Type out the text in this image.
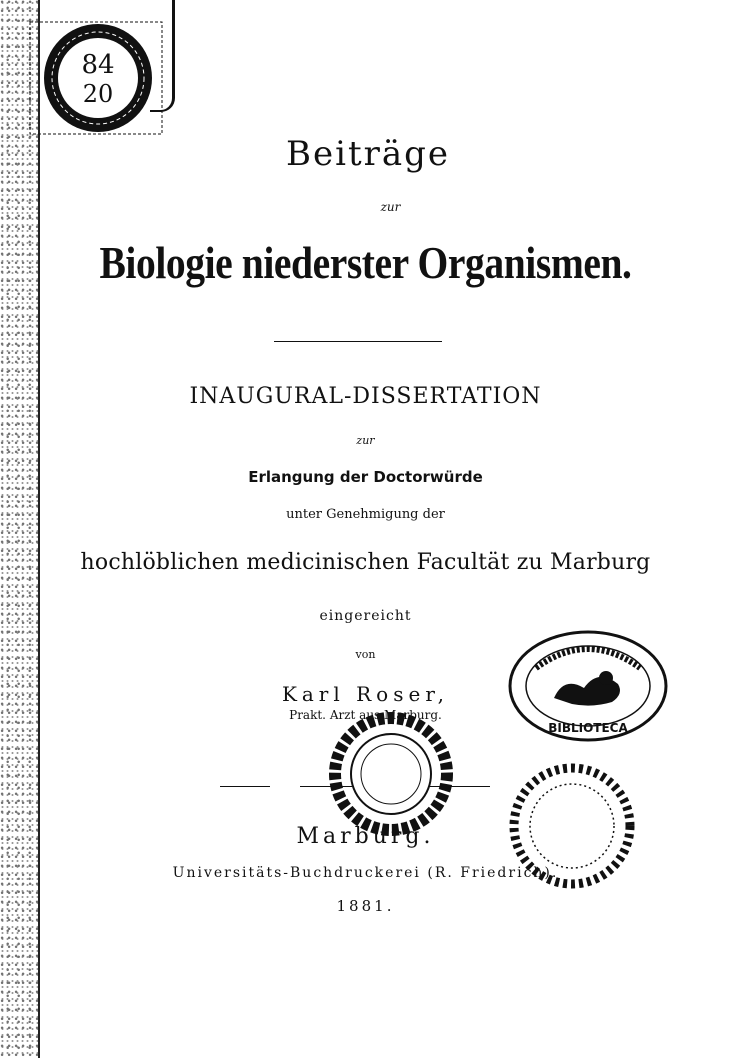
84
20
Beiträge
zur
Biologie niederster Organismen.
INAUGURAL-DISSERTATION
zur
Erlangung der Doctorwürde
unter Genehmigung der
hochlöblichen medicinischen Facultät zu Marburg
eingereicht
von
Karl Roser,
Prakt. Arzt aus Marburg.
Marburg.
Universitäts-Buchdruckerei (R. Friedrich).
1881.
BIBLIOTECA
